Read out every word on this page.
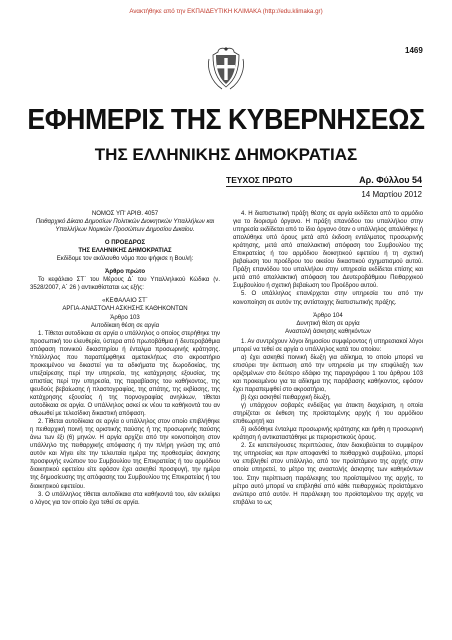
Ανακτήθηκε από την ΕΚΠΑΙΔΕΥΤΙΚΗ ΚΛΙΜΑΚΑ (http://edu.klimaka.gr)
1469
ΕΦΗΜΕΡΙΣ ΤΗΣ ΚΥΒΕΡΝΗΣΕΩΣ
ΤΗΣ ΕΛΛΗΝΙΚΗΣ ΔΗΜΟΚΡΑΤΙΑΣ
ΤΕΥΧΟΣ ΠΡΩΤΟ	Αρ. Φύλλου 54
14 Μαρτίου 2012

ΝΟΜΟΣ ΥΠ' ΑΡΙΘ. 4057

Πειθαρχικό Δίκαιο Δημοσίων Πολιτικών Διοικητικών Υπαλλήλων και Υπαλλήλων Νομικών Προσώπων Δημοσίου Δικαίου.

Ο ΠΡΟΕΔΡΟΣ

ΤΗΣ ΕΛΛΗΝΙΚΗΣ ΔΗΜΟΚΡΑΤΙΑΣ

Εκδίδομε τον ακόλουθο νόμο που ψήφισε η Βουλή:

Άρθρο πρώτο

Το κεφάλαιο ΣΤ΄ του Μέρους Δ΄ του Υπαλληλικού Κώδικα (ν. 3528/2007, Α΄ 26 ) αντικαθίσταται ως εξής:

«ΚΕΦΑΛΑΙΟ ΣΤ΄

ΑΡΓΙΑ-ΑΝΑΣΤΟΛΗ ΑΣΚΗΣΗΣ ΚΑΘΗΚΟΝΤΩΝ

Άρθρο 103

Αυτοδίκαιη θέση σε αργία

1. Τίθεται αυτοδίκαια σε αργία ο υπάλληλος ο οποίος στερήθηκε την προσωπική του ελευθερία, ύστερα από πρωτοβάθμια ή δευτεροβάθμια απόφαση ποινικού δικαστηρίου ή ένταλμα προσωρινής κράτησης. Υπάλληλος που παραπέμφθηκε αμετακλήτως στο ακροατήριο προκειμένου να δικαστεί για τα αδικήματα της δωροδοκίας, της υπεξαίρεσης περί την υπηρεσία, της κατάχρησης εξουσίας, της απιστίας περί την υπηρεσία, της παραβίασης του καθήκοντος, της ψευδούς βεβαίωσης ή πλαστογραφίας, της απάτης, της εκβίασης, της κατάχρησης εξουσίας ή της πορνογραφίας ανηλίκων, τίθεται αυτοδίκαια σε αργία. Ο υπάλληλος ασκεί εκ νέου τα καθήκοντά του αν αθωωθεί με τελεσίδικη δικαστική απόφαση.

2. Τίθεται αυτοδίκαια σε αργία ο υπάλληλος στον οποίο επιβλήθηκε η πειθαρχική ποινή της οριστικής παύσης ή της προσωρινής παύσης άνω των έξι (6) μηνών. Η αργία αρχίζει από την κοινοποίηση στον υπάλληλο της πειθαρχικής απόφασης ή την πλήρη γνώση της από αυτόν και λήγει είτε την τελευταία ημέρα της προθεσμίας άσκησης προσφυγής ενώπιον του Συμβουλίου της Επικρατείας ή του αρμόδιου διοικητικού εφετείου είτε εφόσον έχει ασκηθεί προσφυγή, την ημέρα της δημοσίευσης της απόφασης του Συμβουλίου της Επικρατείας ή του διοικητικού εφετείου.

3. Ο υπάλληλος τίθεται αυτοδίκαια στα καθήκοντά του, εάν εκλείψει ο λόγος για τον οποίο έχει τεθεί σε αργία.

4. Η διαπιστωτική πράξη θέσης σε αργία εκδίδεται από το αρμόδιο για το διορισμό όργανο. Η πράξη επανόδου του υπαλλήλου στην υπηρεσία εκδίδεται από το ίδιο όργανο όταν ο υπάλληλος απολύθηκε ή απολύθηκε υπό όρους μετά από έκδοση εντάλματος προσωρινής κράτησης, μετά από απαλλακτική απόφαση του Συμβουλίου της Επικρατείας ή του αρμόδιου διοικητικού εφετείου ή τη σχετική βεβαίωση του προέδρου του οικείου δικαστικού σχηματισμού αυτού. Πράξη επανόδου του υπαλλήλου στην υπηρεσία εκδίδεται επίσης και μετά από απαλλακτική απόφαση του Δευτεροβάθμιου Πειθαρχικού Συμβουλίου ή σχετική βεβαίωση του Προέδρου αυτού.

5. Ο υπάλληλος επανέρχεται στην υπηρεσία του από την κοινοποίηση σε αυτόν της αντίστοιχης διαπιστωτικής πράξης.

Άρθρο 104

Δυνητική θέση σε αργία

Αναστολή άσκησης καθηκόντων

1. Αν συντρέχουν λόγοι δημοσίου συμφέροντος ή υπηρεσιακοί λόγοι μπορεί να τεθεί σε αργία ο υπάλληλος κατά του οποίου:

α) έχει ασκηθεί ποινική δίωξη για αδίκημα, το οποίο μπορεί να επισύρει την έκπτωση από την υπηρεσία με την επιφύλαξη των οριζομένων στο δεύτερο εδάφιο της παραγράφου 1 του άρθρου 103 και προκειμένου για τα αδίκημα της παράβασης καθήκοντος, εφόσον έχει παραπεμφθεί στο ακροατήριο,

β) έχει ασκηθεί πειθαρχική δίωξη,

γ) υπάρχουν σοβαρές ενδείξεις για άτακτη διαχείριση, η οποία στηρίζεται σε έκθεση της προϊσταμένης αρχής ή του αρμόδιου επιθεωρητή και

δ) εκδόθηκε ένταλμα προσωρινής κράτησης και ήρθη η προσωρινή κράτηση ή αντικαταστάθηκε με περιοριστικούς όρους.

2. Σε κατεπείγουσες περιπτώσεις, όταν διακυβεύεται το συμφέρον της υπηρεσίας και πριν αποφανθεί το πειθαρχικό συμβούλιο, μπορεί να επιβληθεί στον υπάλληλο, από τον προϊστάμενο της αρχής στην οποία υπηρετεί, το μέτρο της αναστολής άσκησης των καθηκόντων του. Στην περίπτωση παράλειψης του προϊσταμένου της αρχής, το μέτρο αυτό μπορεί να επιβληθεί από κάθε πειθαρχικώς προϊστάμενο ανώτερο από αυτόν. Η παράλειψη του προϊσταμένου της αρχής να επιβάλει το ως
